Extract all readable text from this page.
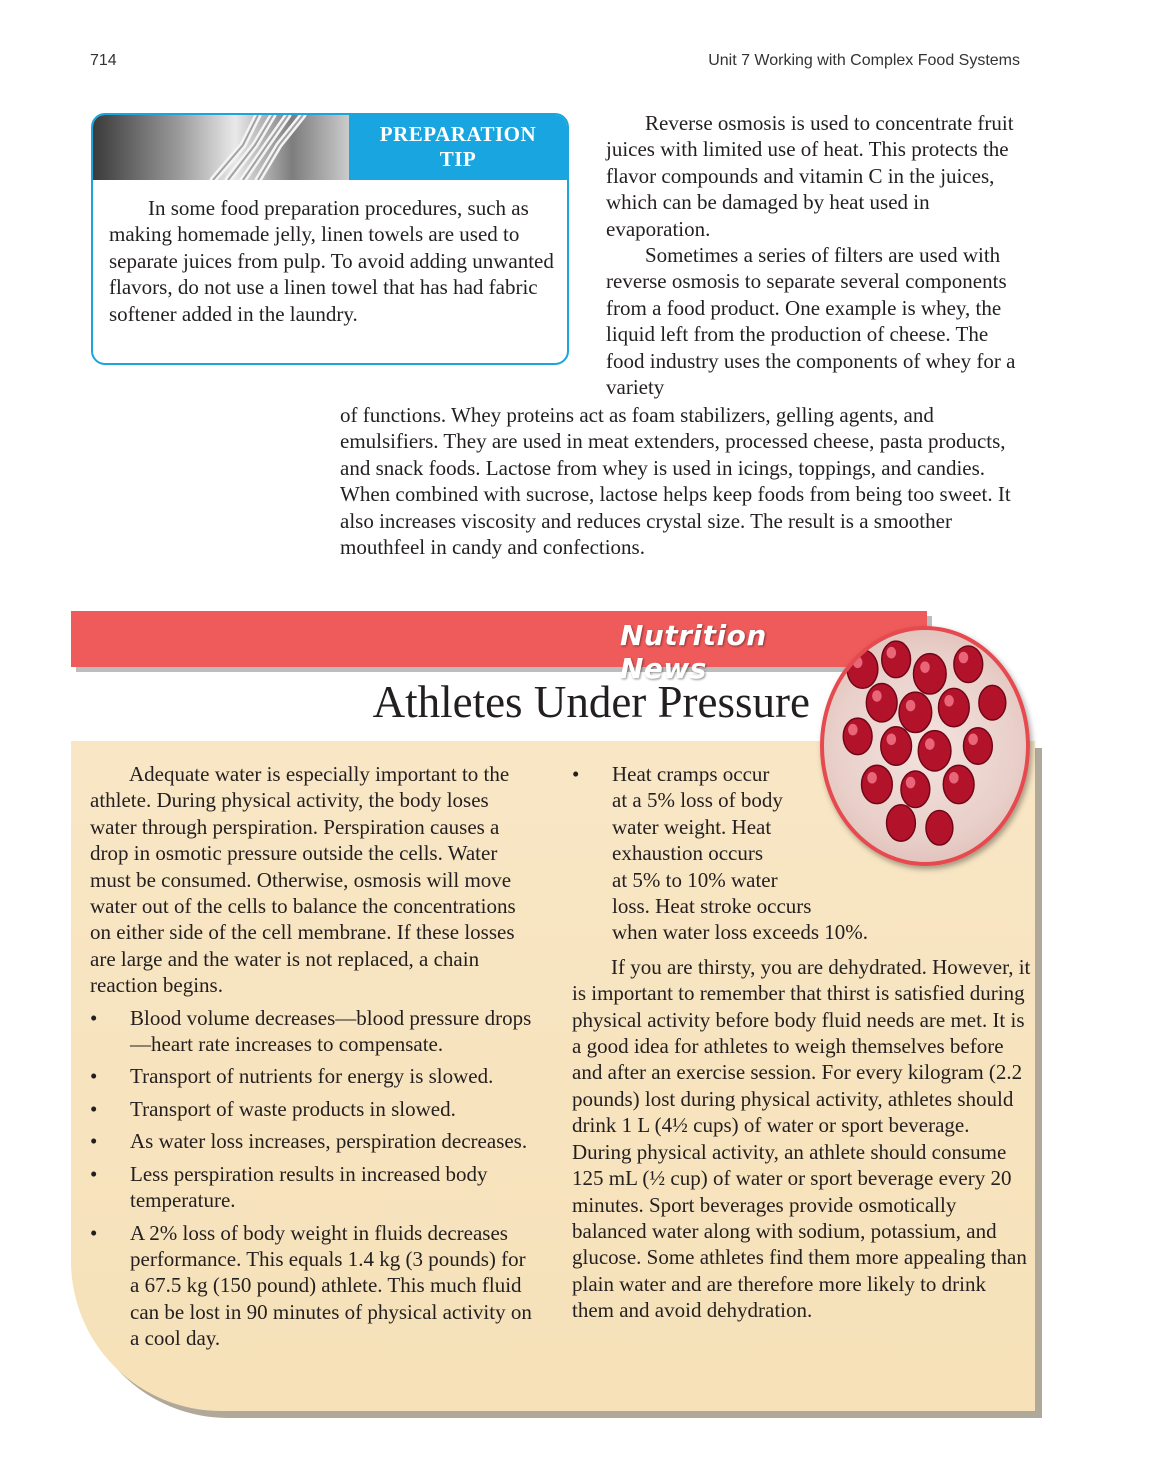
714	Unit 7 Working with Complex Food Systems
PREPARATION
TIP

In some food preparation procedures, such as making homemade jelly, linen towels are used to separate juices from pulp. To avoid adding unwanted flavors, do not use a linen towel that has had fabric softener added in the laundry.

Reverse osmosis is used to concentrate fruit juices with limited use of heat. This protects the flavor compounds and vitamin C in the juices, which can be damaged by heat used in evaporation.

Sometimes a series of filters are used with reverse osmosis to separate several components from a food product. One example is whey, the liquid left from the production of cheese. The food industry uses the components of whey for a variety

of functions. Whey proteins act as foam stabilizers, gelling agents, and emulsifiers. They are used in meat extenders, processed cheese, pasta products, and snack foods. Lactose from whey is used in icings, toppings, and candies. When combined with sucrose, lactose helps keep foods from being too sweet. It also increases viscosity and reduces crystal size. The result is a smoother mouthfeel in candy and confections.

Nutrition News
Athletes Under Pressure

Adequate water is especially important to the athlete. During physical activity, the body loses water through perspiration. Perspiration causes a drop in osmotic pressure outside the cells. Water must be consumed. Otherwise, osmosis will move water out of the cells to balance the concentrations on either side of the cell membrane. If these losses are large and the water is not replaced, a chain reaction begins.

• Blood volume decreases—blood pressure drops—heart rate increases to compensate.
• Transport of nutrients for energy is slowed.
• Transport of waste products in slowed.
• As water loss increases, perspiration decreases.
• Less perspiration results in increased body temperature.
• A 2% loss of body weight in fluids decreases performance. This equals 1.4 kg (3 pounds) for a 67.5 kg (150 pound) athlete. This much fluid can be lost in 90 minutes of physical activity on a cool day.
• Heat cramps occur
at a 5% loss of body
water weight. Heat
exhaustion occurs
at 5% to 10% water
loss. Heat stroke occurs
when water loss exceeds 10%.

If you are thirsty, you are dehydrated. However, it is important to remember that thirst is satisfied during physical activity before body fluid needs are met. It is a good idea for athletes to weigh themselves before and after an exercise session. For every kilogram (2.2 pounds) lost during physical activity, athletes should drink 1 L (4½ cups) of water or sport beverage. During physical activity, an athlete should consume 125 mL (½ cup) of water or sport beverage every 20 minutes. Sport beverages provide osmotically balanced water along with sodium, potassium, and glucose. Some athletes find them more appealing than plain water and are therefore more likely to drink them and avoid dehydration.
